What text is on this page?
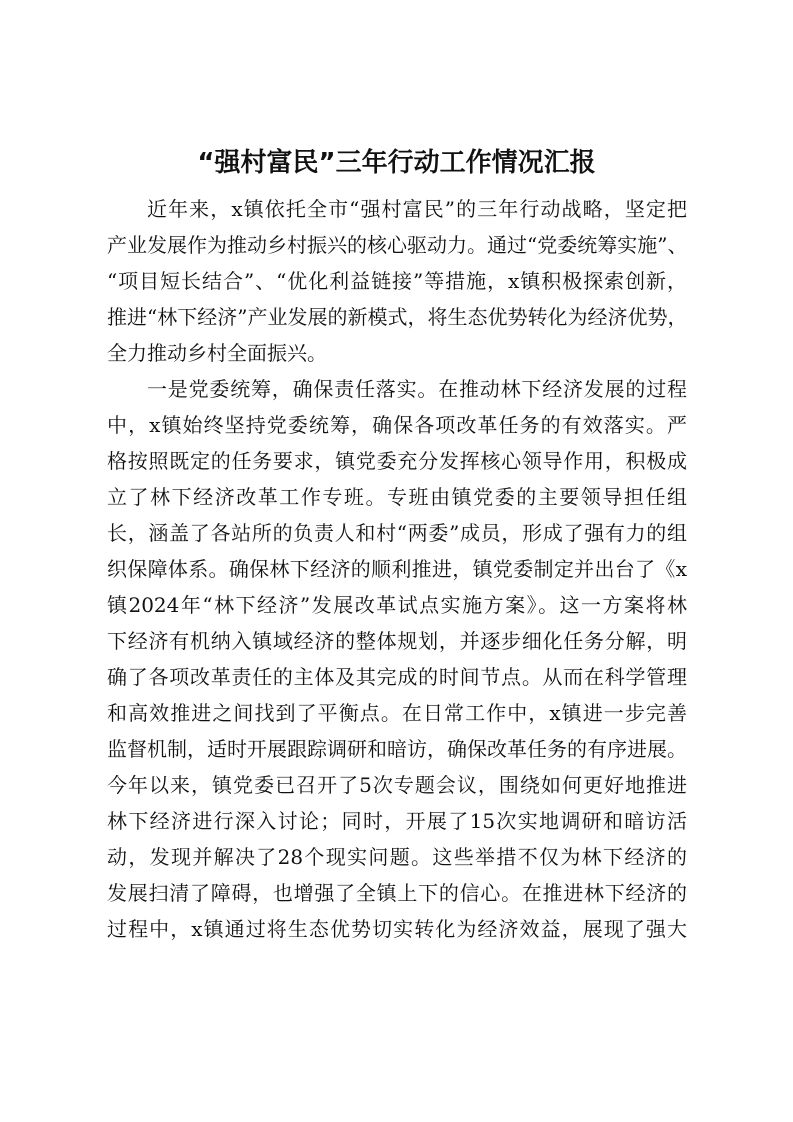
“强村富民”三年行动工作情况汇报
近年来，x镇依托全市“强村富民”的三年行动战略，坚定把
产业发展作为推动乡村振兴的核心驱动力。通过“党委统筹实施”、
“项目短长结合”、“优化利益链接”等措施，x镇积极探索创新，
推进“林下经济”产业发展的新模式，将生态优势转化为经济优势，
全力推动乡村全面振兴。
一是党委统筹，确保责任落实。在推动林下经济发展的过程
中，x镇始终坚持党委统筹，确保各项改革任务的有效落实。严
格按照既定的任务要求，镇党委充分发挥核心领导作用，积极成
立了林下经济改革工作专班。专班由镇党委的主要领导担任组
长，涵盖了各站所的负责人和村“两委”成员，形成了强有力的组
织保障体系。确保林下经济的顺利推进，镇党委制定并出台了《x
镇2024年“林下经济”发展改革试点实施方案》。这一方案将林
下经济有机纳入镇域经济的整体规划，并逐步细化任务分解，明
确了各项改革责任的主体及其完成的时间节点。从而在科学管理
和高效推进之间找到了平衡点。在日常工作中，x镇进一步完善
监督机制，适时开展跟踪调研和暗访，确保改革任务的有序进展。
今年以来，镇党委已召开了5次专题会议，围绕如何更好地推进
林下经济进行深入讨论；同时，开展了15次实地调研和暗访活
动，发现并解决了28个现实问题。这些举措不仅为林下经济的
发展扫清了障碍，也增强了全镇上下的信心。在推进林下经济的
过程中，x镇通过将生态优势切实转化为经济效益，展现了强大
